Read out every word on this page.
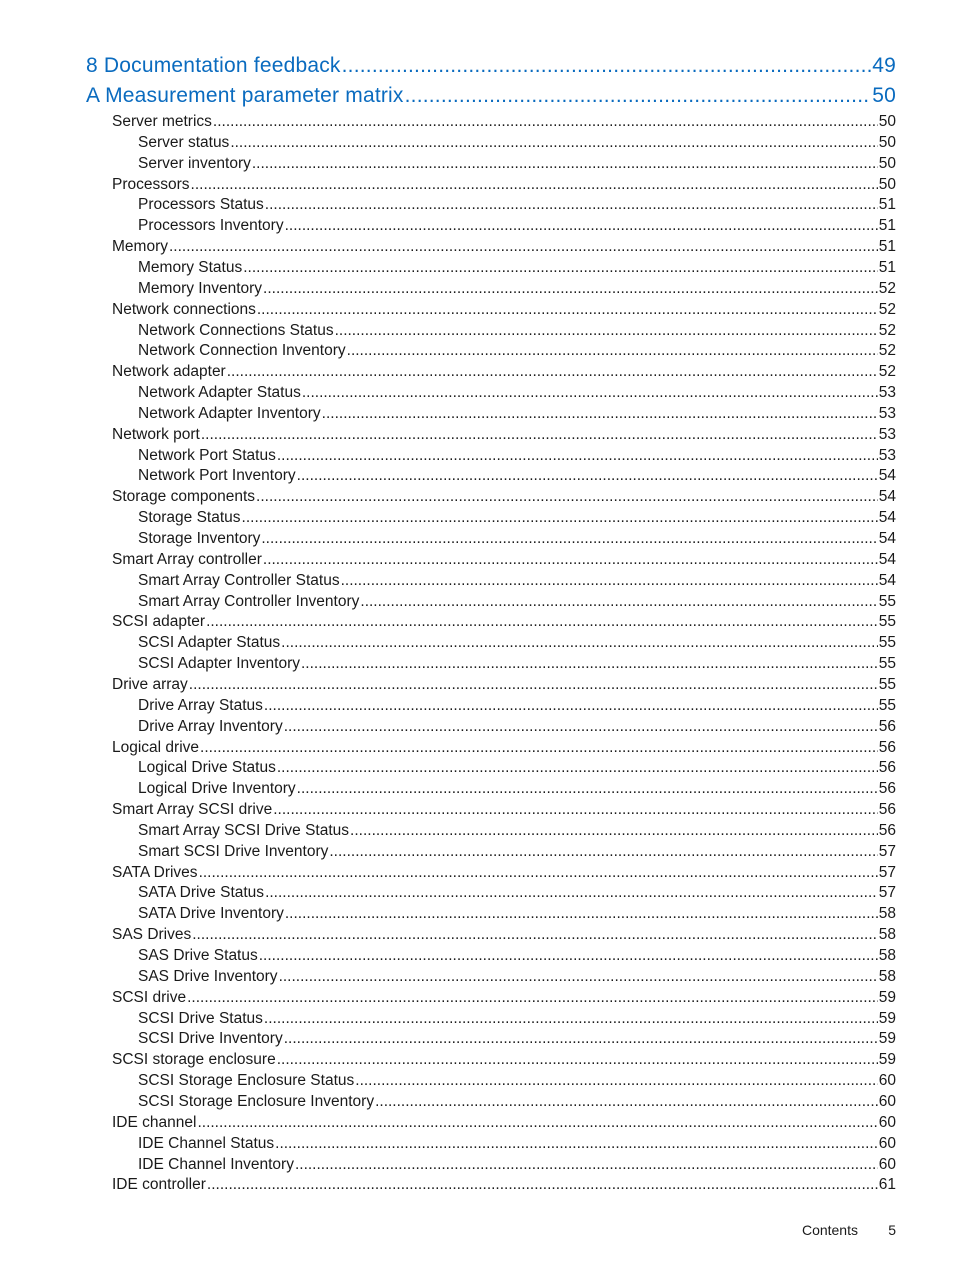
8 Documentation feedback .....	49
A Measurement parameter matrix .....	50
Server metrics .....	50
Server status .....	50
Server inventory .....	50
Processors .....	50
Processors Status .....	51
Processors Inventory .....	51
Memory .....	51
Memory Status .....	51
Memory Inventory .....	52
Network connections .....	52
Network Connections Status .....	52
Network Connection Inventory .....	52
Network adapter .....	52
Network Adapter Status .....	53
Network Adapter Inventory .....	53
Network port .....	53
Network Port Status .....	53
Network Port Inventory .....	54
Storage components .....	54
Storage Status .....	54
Storage Inventory .....	54
Smart Array controller .....	54
Smart Array Controller Status .....	54
Smart Array Controller Inventory .....	55
SCSI adapter .....	55
SCSI Adapter Status .....	55
SCSI Adapter Inventory .....	55
Drive array .....	55
Drive Array Status .....	55
Drive Array Inventory .....	56
Logical drive .....	56
Logical Drive Status .....	56
Logical Drive Inventory .....	56
Smart Array SCSI drive .....	56
Smart Array SCSI Drive Status .....	56
Smart SCSI Drive Inventory .....	57
SATA Drives .....	57
SATA Drive Status .....	57
SATA Drive Inventory .....	58
SAS Drives .....	58
SAS Drive Status .....	58
SAS Drive Inventory .....	58
SCSI drive .....	59
SCSI Drive Status .....	59
SCSI Drive Inventory .....	59
SCSI storage enclosure .....	59
SCSI Storage Enclosure Status .....	60
SCSI Storage Enclosure Inventory .....	60
IDE channel .....	60
IDE Channel Status .....	60
IDE Channel Inventory .....	60
IDE controller .....	61
Contents 5
